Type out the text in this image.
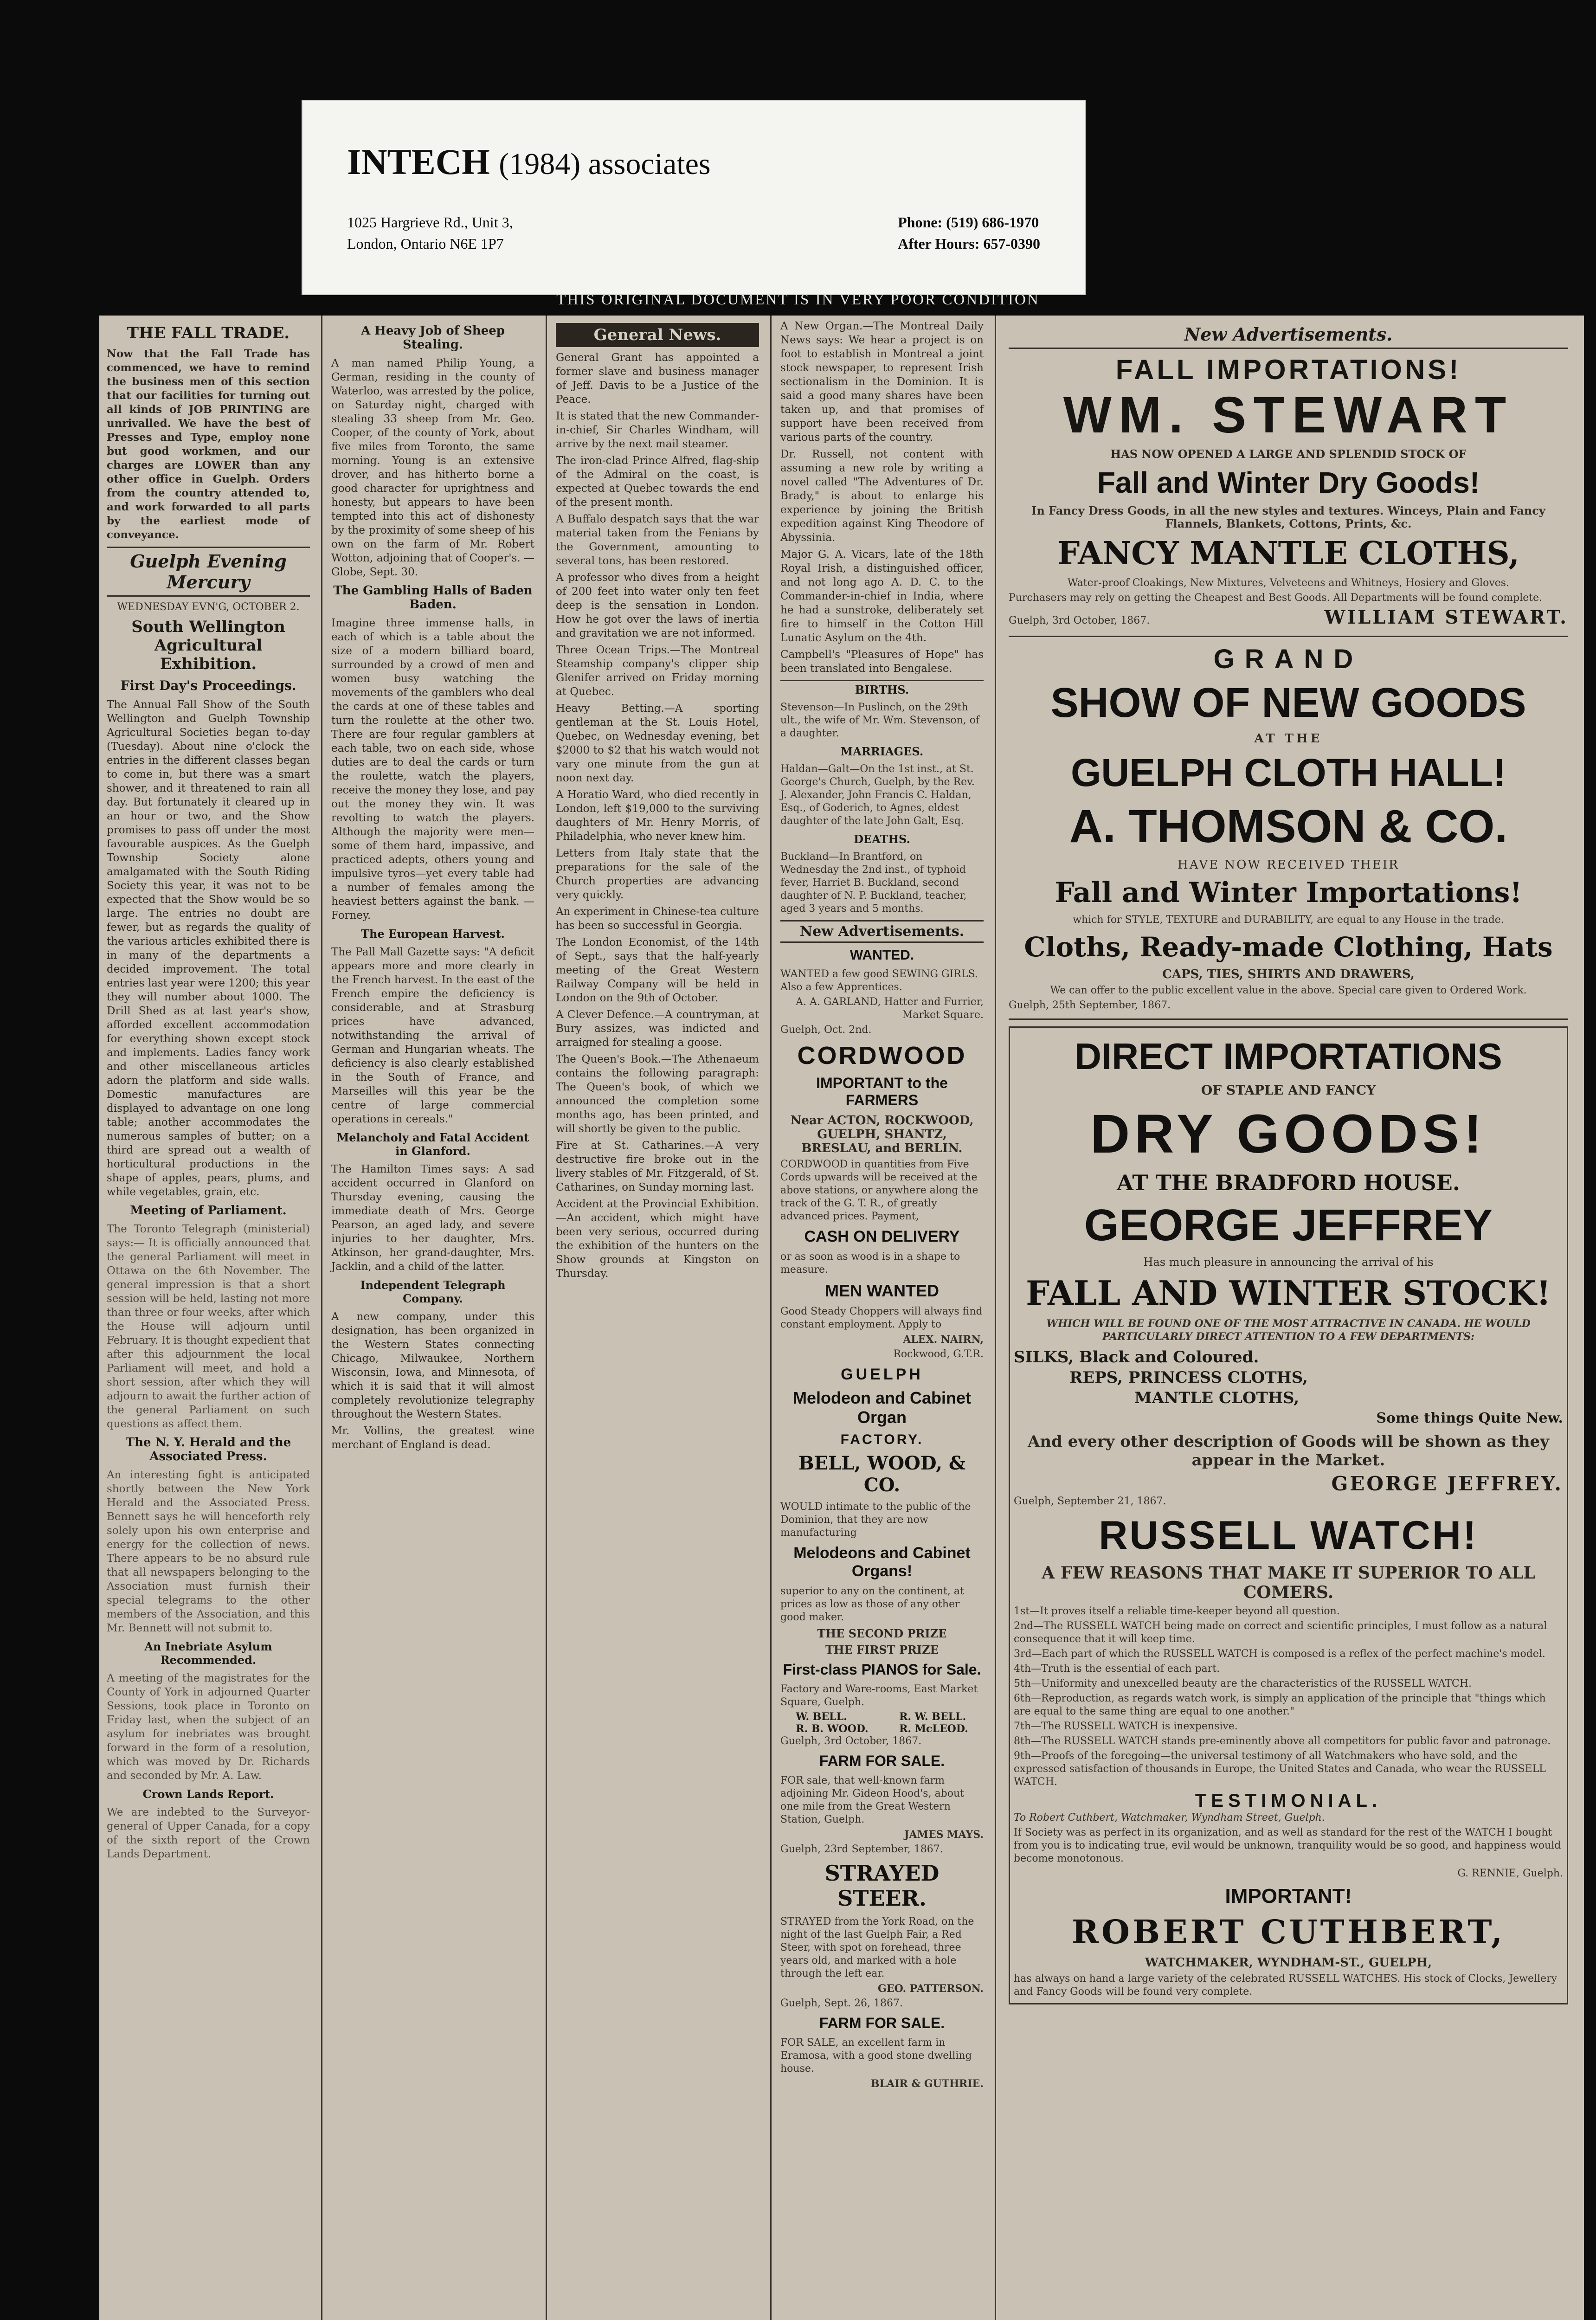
INTECH (1984) associates
1025 Hargrieve Rd., Unit 3,
London, Ontario N6E 1P7
Phone: (519) 686-1970
After Hours: 657-0390
THIS ORIGINAL DOCUMENT IS IN VERY POOR CONDITION
THE FALL TRADE.

Now that the Fall Trade has commenced, we have to remind the business men of this section that our facilities for turning out all kinds of JOB PRINTING are unrivalled. We have the best of Presses and Type, employ none but good workmen, and our charges are LOWER than any other office in Guelph. Orders from the country attended to, and work forwarded to all parts by the earliest mode of conveyance.

Guelph Evening Mercury
WEDNESDAY EVN'G, OCTOBER 2.
South Wellington Agricultural Exhibition.
First Day's Proceedings.

The Annual Fall Show of the South Wellington and Guelph Township Agricultural Societies began to-day (Tuesday). About nine o'clock the entries in the different classes began to come in, but there was a smart shower, and it threatened to rain all day. But fortunately it cleared up in an hour or two, and the Show promises to pass off under the most favourable auspices. As the Guelph Township Society alone amalgamated with the South Riding Society this year, it was not to be expected that the Show would be so large. The entries no doubt are fewer, but as regards the quality of the various articles exhibited there is in many of the departments a decided improvement. The total entries last year were 1200; this year they will number about 1000. The Drill Shed as at last year's show, afforded excellent accommodation for everything shown except stock and implements. Ladies fancy work and other miscellaneous articles adorn the platform and side walls. Domestic manufactures are displayed to advantage on one long table; another accommodates the numerous samples of butter; on a third are spread out a wealth of horticultural productions in the shape of apples, pears, plums, and while vegetables, grain, etc.

Meeting of Parliament.

The Toronto Telegraph (ministerial) says:— It is officially announced that the general Parliament will meet in Ottawa on the 6th November. The general impression is that a short session will be held, lasting not more than three or four weeks, after which the House will adjourn until February. It is thought expedient that after this adjournment the local Parliament will meet, and hold a short session, after which they will adjourn to await the further action of the general Parliament on such questions as affect them.

The N. Y. Herald and the Associated Press.

An interesting fight is anticipated shortly between the New York Herald and the Associated Press. Bennett says he will henceforth rely solely upon his own enterprise and energy for the collection of news. There appears to be no absurd rule that all newspapers belonging to the Association must furnish their special telegrams to the other members of the Association, and this Mr. Bennett will not submit to.

An Inebriate Asylum Recommended.

A meeting of the magistrates for the County of York in adjourned Quarter Sessions, took place in Toronto on Friday last, when the subject of an asylum for inebriates was brought forward in the form of a resolution, which was moved by Dr. Richards and seconded by Mr. A. Law.

Crown Lands Report.

We are indebted to the Surveyor-general of Upper Canada, for a copy of the sixth report of the Crown Lands Department.

A Heavy Job of Sheep Stealing.

A man named Philip Young, a German, residing in the county of Waterloo, was arrested by the police, on Saturday night, charged with stealing 33 sheep from Mr. Geo. Cooper, of the county of York, about five miles from Toronto, the same morning. Young is an extensive drover, and has hitherto borne a good character for uprightness and honesty, but appears to have been tempted into this act of dishonesty by the proximity of some sheep of his own on the farm of Mr. Robert Wotton, adjoining that of Cooper's. — Globe, Sept. 30.

The Gambling Halls of Baden Baden.

Imagine three immense halls, in each of which is a table about the size of a modern billiard board, surrounded by a crowd of men and women busy watching the movements of the gamblers who deal the cards at one of these tables and turn the roulette at the other two. There are four regular gamblers at each table, two on each side, whose duties are to deal the cards or turn the roulette, watch the players, receive the money they lose, and pay out the money they win. It was revolting to watch the players. Although the majority were men—some of them hard, impassive, and practiced adepts, others young and impulsive tyros—yet every table had a number of females among the heaviest betters against the bank. — Forney.

The European Harvest.

The Pall Mall Gazette says: "A deficit appears more and more clearly in the French harvest. In the east of the French empire the deficiency is considerable, and at Strasburg prices have advanced, notwithstanding the arrival of German and Hungarian wheats. The deficiency is also clearly established in the South of France, and Marseilles will this year be the centre of large commercial operations in cereals."

Melancholy and Fatal Accident in Glanford.

The Hamilton Times says: A sad accident occurred in Glanford on Thursday evening, causing the immediate death of Mrs. George Pearson, an aged lady, and severe injuries to her daughter, Mrs. Atkinson, her grand-daughter, Mrs. Jacklin, and a child of the latter.

Independent Telegraph Company.

A new company, under this designation, has been organized in the Western States connecting Chicago, Milwaukee, Northern Wisconsin, Iowa, and Minnesota, of which it is said that it will almost completely revolutionize telegraphy throughout the Western States.

Mr. Vollins, the greatest wine merchant of England is dead.

General News.

General Grant has appointed a former slave and business manager of Jeff. Davis to be a Justice of the Peace.

It is stated that the new Commander-in-chief, Sir Charles Windham, will arrive by the next mail steamer.

The iron-clad Prince Alfred, flag-ship of the Admiral on the coast, is expected at Quebec towards the end of the present month.

A Buffalo despatch says that the war material taken from the Fenians by the Government, amounting to several tons, has been restored.

A professor who dives from a height of 200 feet into water only ten feet deep is the sensation in London. How he got over the laws of inertia and gravitation we are not informed.

Three Ocean Trips.—The Montreal Steamship company's clipper ship Glenifer arrived on Friday morning at Quebec.

Heavy Betting.—A sporting gentleman at the St. Louis Hotel, Quebec, on Wednesday evening, bet $2000 to $2 that his watch would not vary one minute from the gun at noon next day.

A Horatio Ward, who died recently in London, left $19,000 to the surviving daughters of Mr. Henry Morris, of Philadelphia, who never knew him.

Letters from Italy state that the preparations for the sale of the Church properties are advancing very quickly.

An experiment in Chinese-tea culture has been so successful in Georgia.

The London Economist, of the 14th of Sept., says that the half-yearly meeting of the Great Western Railway Company will be held in London on the 9th of October.

A Clever Defence.—A countryman, at Bury assizes, was indicted and arraigned for stealing a goose.

The Queen's Book.—The Athenaeum contains the following paragraph: The Queen's book, of which we announced the completion some months ago, has been printed, and will shortly be given to the public.

Fire at St. Catharines.—A very destructive fire broke out in the livery stables of Mr. Fitzgerald, of St. Catharines, on Sunday morning last.

Accident at the Provincial Exhibition.—An accident, which might have been very serious, occurred during the exhibition of the hunters on the Show grounds at Kingston on Thursday.

A New Organ.—The Montreal Daily News says: We hear a project is on foot to establish in Montreal a joint stock newspaper, to represent Irish sectionalism in the Dominion. It is said a good many shares have been taken up, and that promises of support have been received from various parts of the country.

Dr. Russell, not content with assuming a new role by writing a novel called "The Adventures of Dr. Brady," is about to enlarge his experience by joining the British expedition against King Theodore of Abyssinia.

Major G. A. Vicars, late of the 18th Royal Irish, a distinguished officer, and not long ago A. D. C. to the Commander-in-chief in India, where he had a sunstroke, deliberately set fire to himself in the Cotton Hill Lunatic Asylum on the 4th.

Campbell's "Pleasures of Hope" has been translated into Bengalese.

BIRTHS.

Stevenson—In Puslinch, on the 29th ult., the wife of Mr. Wm. Stevenson, of a daughter.

MARRIAGES.

Haldan—Galt—On the 1st inst., at St. George's Church, Guelph, by the Rev. J. Alexander, John Francis C. Haldan, Esq., of Goderich, to Agnes, eldest daughter of the late John Galt, Esq.

DEATHS.

Buckland—In Brantford, on Wednesday the 2nd inst., of typhoid fever, Harriet B. Buckland, second daughter of N. P. Buckland, teacher, aged 3 years and 5 months.

New Advertisements.
WANTED.

WANTED a few good SEWING GIRLS. Also a few Apprentices.

A. A. GARLAND, Hatter and Furrier, Market Square.

Guelph, Oct. 2nd.

CORDWOOD
IMPORTANT to the FARMERS
Near ACTON, ROCKWOOD, GUELPH, SHANTZ, BRESLAU, and BERLIN.

CORDWOOD in quantities from Five Cords upwards will be received at the above stations, or anywhere along the track of the G. T. R., of greatly advanced prices. Payment,

CASH ON DELIVERY

or as soon as wood is in a shape to measure.

MEN WANTED

Good Steady Choppers will always find constant employment. Apply to

ALEX. NAIRN,

Rockwood, G.T.R.

GUELPH
Melodeon and Cabinet Organ
FACTORY.
BELL, WOOD, & CO.

WOULD intimate to the public of the Dominion, that they are now manufacturing

Melodeons and Cabinet Organs!

superior to any on the continent, at prices as low as those of any other good maker.

THE SECOND PRIZE
THE FIRST PRIZE
First-class PIANOS for Sale.

Factory and Ware-rooms, East Market Square, Guelph.

W. BELL.
R. B. WOOD.
R. W. BELL.
R. McLEOD.

Guelph, 3rd October, 1867.

FARM FOR SALE.

FOR sale, that well-known farm adjoining Mr. Gideon Hood's, about one mile from the Great Western Station, Guelph.

JAMES MAYS.

Guelph, 23rd September, 1867.

STRAYED STEER.

STRAYED from the York Road, on the night of the last Guelph Fair, a Red Steer, with spot on forehead, three years old, and marked with a hole through the left ear.

GEO. PATTERSON.

Guelph, Sept. 26, 1867.

FARM FOR SALE.

FOR SALE, an excellent farm in Eramosa, with a good stone dwelling house.

BLAIR & GUTHRIE.

New Advertisements.
FALL IMPORTATIONS!
WM. STEWART
HAS NOW OPENED A LARGE AND SPLENDID STOCK OF
Fall and Winter Dry Goods!

In Fancy Dress Goods, in all the new styles and textures. Winceys, Plain and Fancy Flannels, Blankets, Cottons, Prints, &c.

FANCY MANTLE CLOTHS,

Water-proof Cloakings, New Mixtures, Velveteens and Whitneys, Hosiery and Gloves.

Purchasers may rely on getting the Cheapest and Best Goods. All Departments will be found complete.

Guelph, 3rd October, 1867.	WILLIAM STEWART.
GRAND
SHOW OF NEW GOODS
AT THE
GUELPH CLOTH HALL!
A. THOMSON & CO.
HAVE NOW RECEIVED THEIR
Fall and Winter Importations!

which for STYLE, TEXTURE and DURABILITY, are equal to any House in the trade.

Cloths, Ready-made Clothing, Hats
CAPS, TIES, SHIRTS AND DRAWERS,

We can offer to the public excellent value in the above. Special care given to Ordered Work.

Guelph, 25th September, 1867.

DIRECT IMPORTATIONS
OF STAPLE AND FANCY
DRY GOODS!
AT THE BRADFORD HOUSE.
GEORGE JEFFREY
Has much pleasure in announcing the arrival of his
FALL AND WINTER STOCK!

WHICH WILL BE FOUND ONE OF THE MOST ATTRACTIVE IN CANADA. HE WOULD PARTICULARLY DIRECT ATTENTION TO A FEW DEPARTMENTS:

SILKS, Black and Coloured.
REPS, PRINCESS CLOTHS,
MANTLE CLOTHS,
Some things Quite New.
And every other description of Goods will be shown as they appear in the Market.
GEORGE JEFFREY.

Guelph, September 21, 1867.

RUSSELL WATCH!
A FEW REASONS THAT MAKE IT SUPERIOR TO ALL COMERS.

1st—It proves itself a reliable time-keeper beyond all question.

2nd—The RUSSELL WATCH being made on correct and scientific principles, I must follow as a natural consequence that it will keep time.

3rd—Each part of which the RUSSELL WATCH is composed is a reflex of the perfect machine's model.

4th—Truth is the essential of each part.

5th—Uniformity and unexcelled beauty are the characteristics of the RUSSELL WATCH.

6th—Reproduction, as regards watch work, is simply an application of the principle that "things which are equal to the same thing are equal to one another."

7th—The RUSSELL WATCH is inexpensive.

8th—The RUSSELL WATCH stands pre-eminently above all competitors for public favor and patronage.

9th—Proofs of the foregoing—the universal testimony of all Watchmakers who have sold, and the expressed satisfaction of thousands in Europe, the United States and Canada, who wear the RUSSELL WATCH.

TESTIMONIAL.

To Robert Cuthbert, Watchmaker, Wyndham Street, Guelph.

If Society was as perfect in its organization, and as well as standard for the rest of the WATCH I bought from you is to indicating true, evil would be unknown, tranquility would be so good, and happiness would become monotonous.

G. RENNIE, Guelph.

IMPORTANT!
ROBERT CUTHBERT,
WATCHMAKER, WYNDHAM-ST., GUELPH,

has always on hand a large variety of the celebrated RUSSELL WATCHES. His stock of Clocks, Jewellery and Fancy Goods will be found very complete.
